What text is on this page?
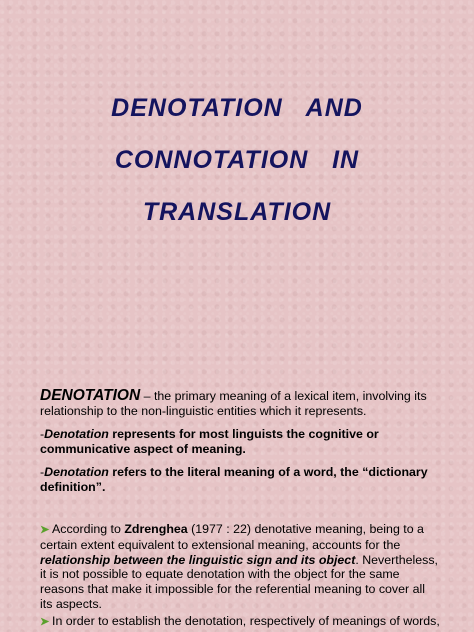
DENOTATION   AND
CONNOTATION   IN
TRANSLATION

DENOTATION – the primary meaning of a lexical item, involving its relationship to the non-linguistic entities which it represents.

-Denotation represents for most linguists the cognitive or communicative aspect of meaning.

-Denotation refers to the literal meaning of a word, the “dictionary definition”.

➤ According to Zdrenghea (1977 : 22) denotative meaning, being to a certain extent equivalent to extensional meaning, accounts for the relationship between the linguistic sign and its object. Nevertheless, it is not possible to equate denotation with the object for the same reasons that make it impossible for the referential meaning to cover all its aspects.

➤ In order to establish the denotation, respectively of meanings of words,
